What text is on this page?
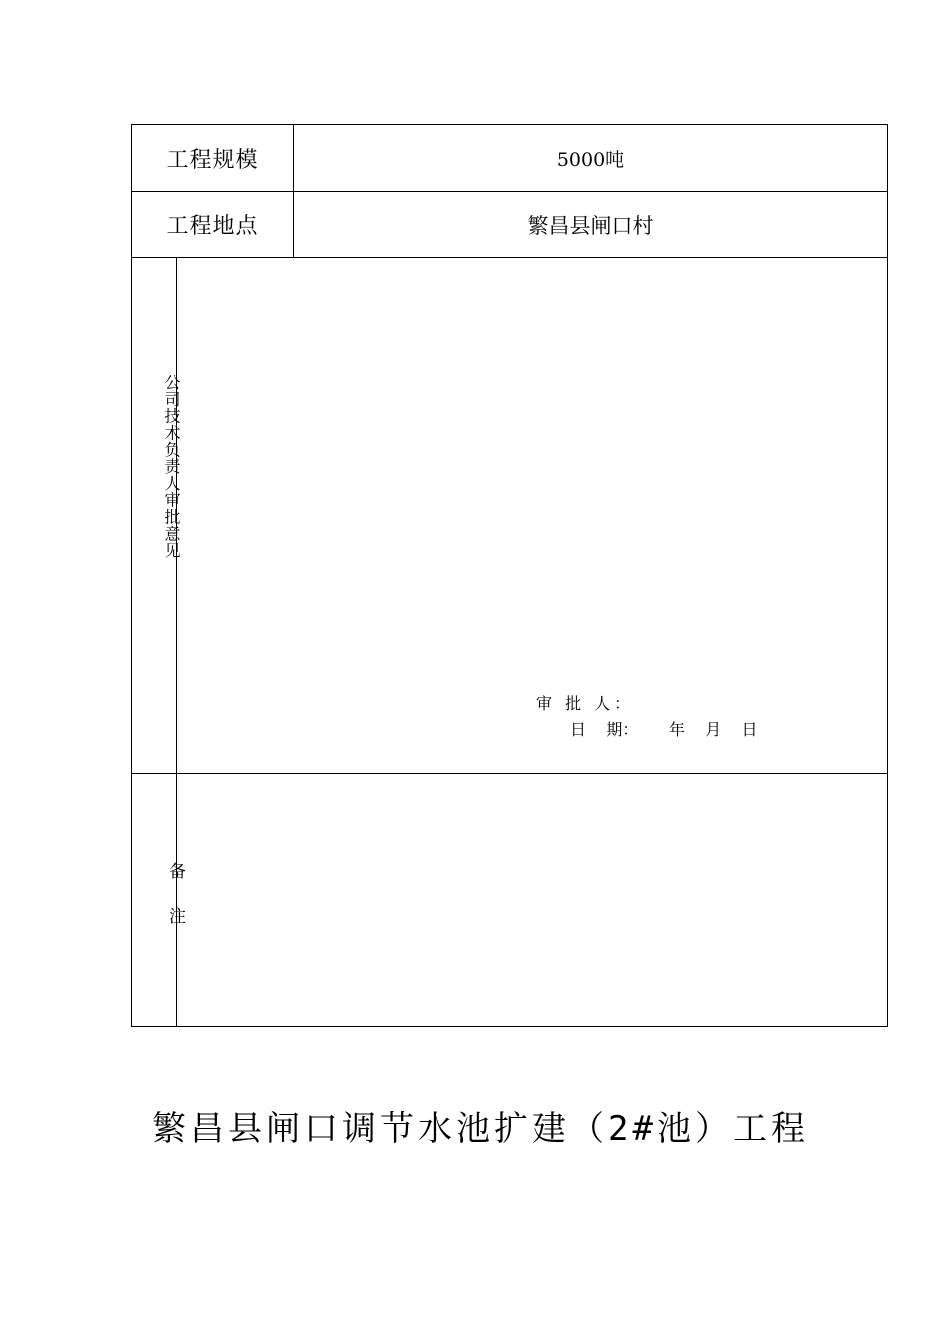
工程规模	5000吨
工程地点	繁昌县闸口村
公司技术负责人审批意见
审 批 人：
日    期：      年    月    日
备注
繁昌县闸口调节水池扩建（2#池）工程
